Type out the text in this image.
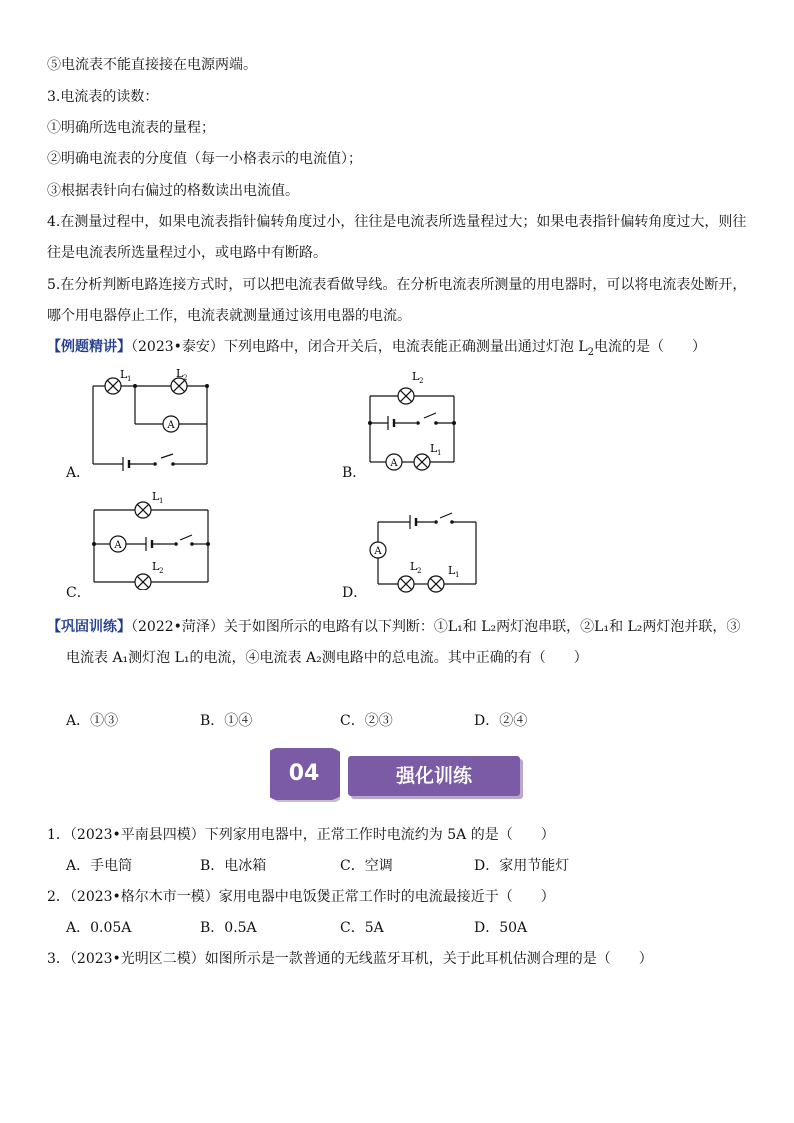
⑤电流表不能直接接在电源两端。
3.电流表的读数：
①明确所选电流表的量程；
②明确电流表的分度值（每一小格表示的电流值）；
③根据表针向右偏过的格数读出电流值。
4.在测量过程中，如果电流表指针偏转角度过小，往往是电流表所选量程过大；如果电表指针偏转角度过大，则往
往是电流表所选量程过小，或电路中有断路。
5.在分析判断电路连接方式时，可以把电流表看做导线。在分析电流表所测量的用电器时，可以将电流表处断开，
哪个用电器停止工作，电流表就测量通过该用电器的电流。
【例题精讲】（2023•泰安）下列电路中，闭合开关后，电流表能正确测量出通过灯泡 $L_2$电流的是（　　）
A
L 1	L 2
A．
A
L 2
L 1
B．
A
L 1
L 2
C．
A
L 2 L 1
D．
【巩固训练】（2022•菏泽）关于如图所示的电路有以下判断：①L₁和 L₂两灯泡串联，②L₁和 L₂两灯泡并联，③
电流表 A₁测灯泡 L₁的电流，④电流表 A₂测电路中的总电流。其中正确的有（　　）
A．①③	B．①④	C．②③	D．②④
04	强化训练
1．（2023•平南县四模）下列家用电器中，正常工作时电流约为 5A 的是（　　）
A．手电筒	B．电冰箱	C．空调	D．家用节能灯
2．（2023•格尔木市一模）家用电器中电饭煲正常工作时的电流最接近于（　　）
A．0.05A	B．0.5A	C．5A	D．50A
3．（2023•光明区二模）如图所示是一款普通的无线蓝牙耳机，关于此耳机估测合理的是（　　）
